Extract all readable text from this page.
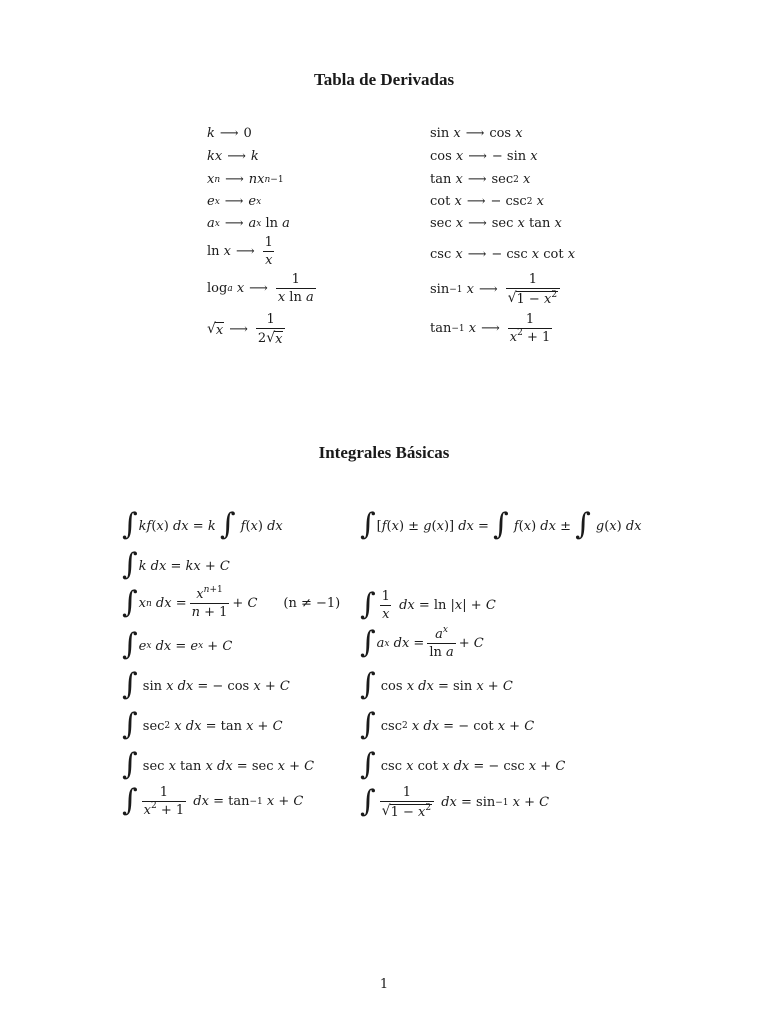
Tabla de Derivadas
k ⟶ 0
kx ⟶ k
x n ⟶ nx n−1
e x ⟶ e x
a x ⟶ a x ln a
ln x ⟶ $\frac{1}{x}$
log a
x ⟶ $\frac{1}{\text{x ln a}}$
√ x ⟶ $\frac{1}{2 √ x}$
sin x ⟶ cos x
cos x ⟶ − sin x
tan x ⟶ sec 2
x
cot x ⟶ − csc 2
x
sec x ⟶ sec x tan x
csc x ⟶ − csc x cot x
sin −1
x ⟶ $\frac{1}{√ 1 - x^2}$
tan −1
x ⟶ $\frac{1}{x^2 + 1}$
Integrales Básicas
∫ kf ( x ) dx = k
∫
f ( x ) dx
∫ k
dx = kx + C
∫ x n
dx = $\frac{x^{n+1}}{n + 1} + C$ (n ≠ −1)
∫ e x
dx = e x + C
∫ sin x
dx = − cos x + C
∫ sec 2
x
dx = tan x + C
∫ sec x tan x
dx = sec x + C
∫ $\frac{1}{x^2 + 1}$
dx = tan −1
x + C
∫ [ f ( x ) ± g ( x )] dx = ∫
f ( x ) dx ± ∫
g ( x ) dx
∫ $\frac{1}{x}$
dx = ln | x | + C
∫ a x
dx = $\frac{a^x}{\text{ln a}} + C$
∫ cos x
dx = sin x + C
∫ csc 2
x
dx = − cot x + C
∫ csc x cot x
dx = − csc x + C
∫ $\frac{1}{√ 1 - x^2}$
dx = sin −1
x + C
1
